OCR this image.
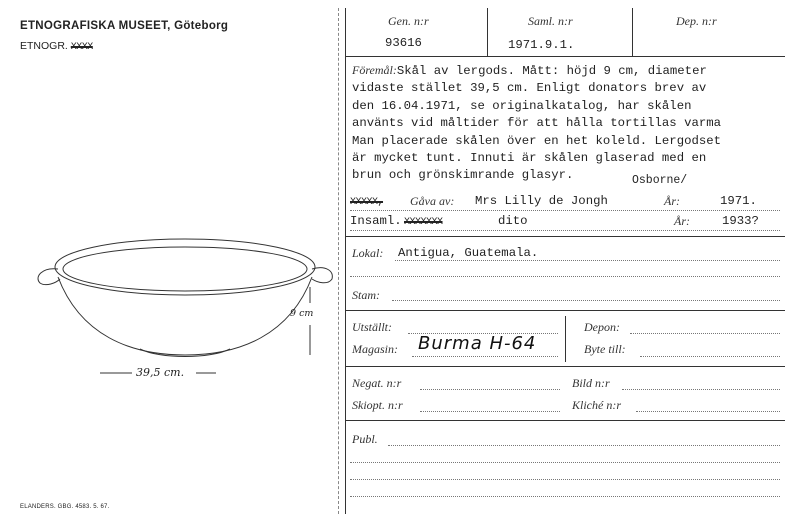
ETNOGRAFISKA MUSEET, Göteborg
ETNOGR. XXXX
9 cm
39,5 cm.
ELANDERS. GBG. 4583. 5. 67.
Gen. n:r
93616
Saml. n:r
1971.9.1.
Dep. n:r
Föremål:Skål av lergods. Mått: höjd 9 cm, diameter
vidaste stället 39,5 cm. Enligt donators brev av
den 16.04.1971, se originalkatalog, har skålen
använts vid måltider för att hålla tortillas varma
Man placerade skålen över en het koleld. Lergodset
är mycket tunt. Innuti är skålen glaserad med en
brun och grönskimrande glasyr.	Osborne/
XXXXX, Gåva av: Mrs Lilly de Jongh	År:	1971.
Insaml. XXXXXXX	dito	År:	1933?
Lokal: Antigua, Guatemala.
Stam:
Utställt:
Magasin: Burma H-64
Depon:
Byte till:
Negat. n:r	Bild n:r
Skiopt. n:r	Kliché n:r
Publ.
